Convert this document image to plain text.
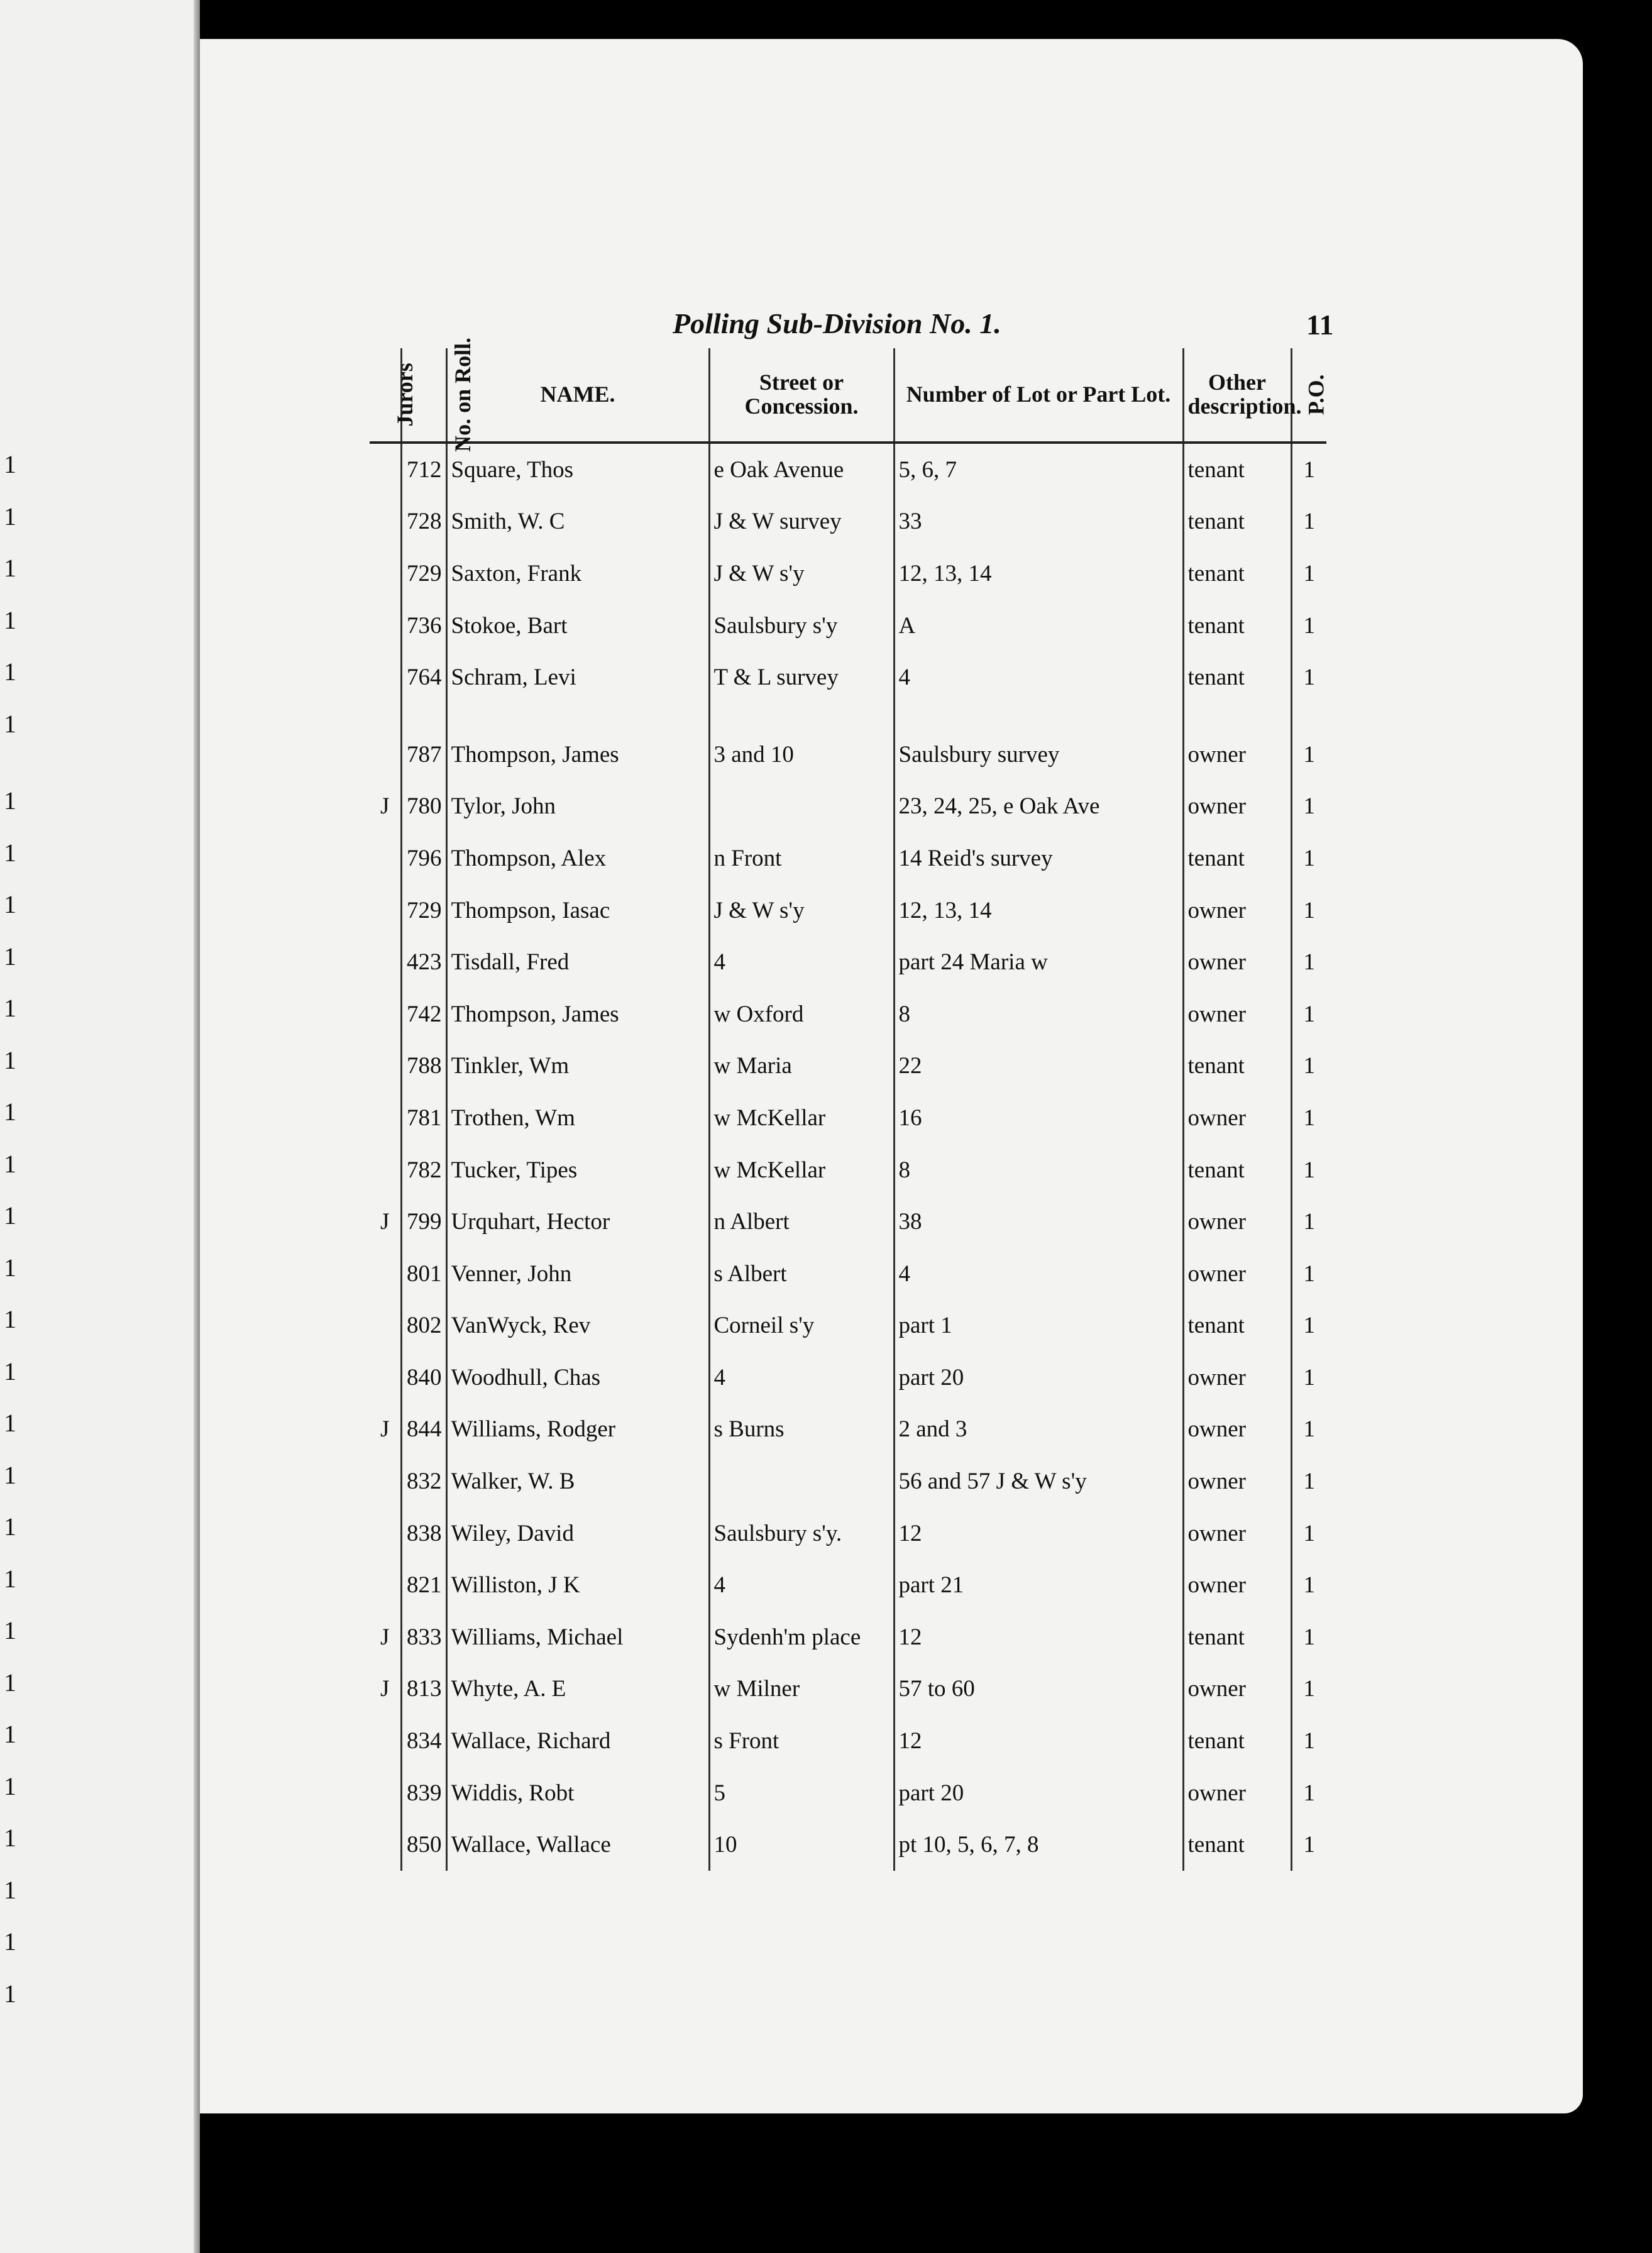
1
1
1
1
1
1
1
1
1
1
1
1
1
1
1
1
1
1
1
1
1
1
1
1
1
1
1
1
1
1
Polling Sub-Division No. 1.	11
Jurors	No. on Roll.	NAME.	Street or Concession.	Number of Lot or Part Lot.	Other description.	P.O.
	712	Square, Thos	e Oak Avenue	5, 6, 7	tenant	1
	728	Smith, W. C	J & W survey	33	tenant	1
	729	Saxton, Frank	J & W s'y	12, 13, 14	tenant	1
	736	Stokoe, Bart	Saulsbury s'y	A	tenant	1
	764	Schram, Levi	T & L survey	4	tenant	1

	787	Thompson, James	3 and 10	Saulsbury survey	owner	1
J	780	Tylor, John		23, 24, 25, e Oak Ave	owner	1
	796	Thompson, Alex	n Front	14 Reid's survey	tenant	1
	729	Thompson, Iasac	J & W s'y	12, 13, 14	owner	1
	423	Tisdall, Fred	4	part 24 Maria w	owner	1
	742	Thompson, James	w Oxford	8	owner	1
	788	Tinkler, Wm	w Maria	22	tenant	1
	781	Trothen, Wm	w McKellar	16	owner	1
	782	Tucker, Tipes	w McKellar	8	tenant	1
J	799	Urquhart, Hector	n Albert	38	owner	1
	801	Venner, John	s Albert	4	owner	1
	802	VanWyck, Rev	Corneil s'y	part 1	tenant	1
	840	Woodhull, Chas	4	part 20	owner	1
J	844	Williams, Rodger	s Burns	2 and 3	owner	1
	832	Walker, W. B		56 and 57 J & W s'y	owner	1
	838	Wiley, David	Saulsbury s'y.	12	owner	1
	821	Williston, J K	4	part 21	owner	1
J	833	Williams, Michael	Sydenh'm place	12	tenant	1
J	813	Whyte, A. E	w Milner	57 to 60	owner	1
	834	Wallace, Richard	s Front	12	tenant	1
	839	Widdis, Robt	5	part 20	owner	1
	850	Wallace, Wallace	10	pt 10, 5, 6, 7, 8	tenant	1
